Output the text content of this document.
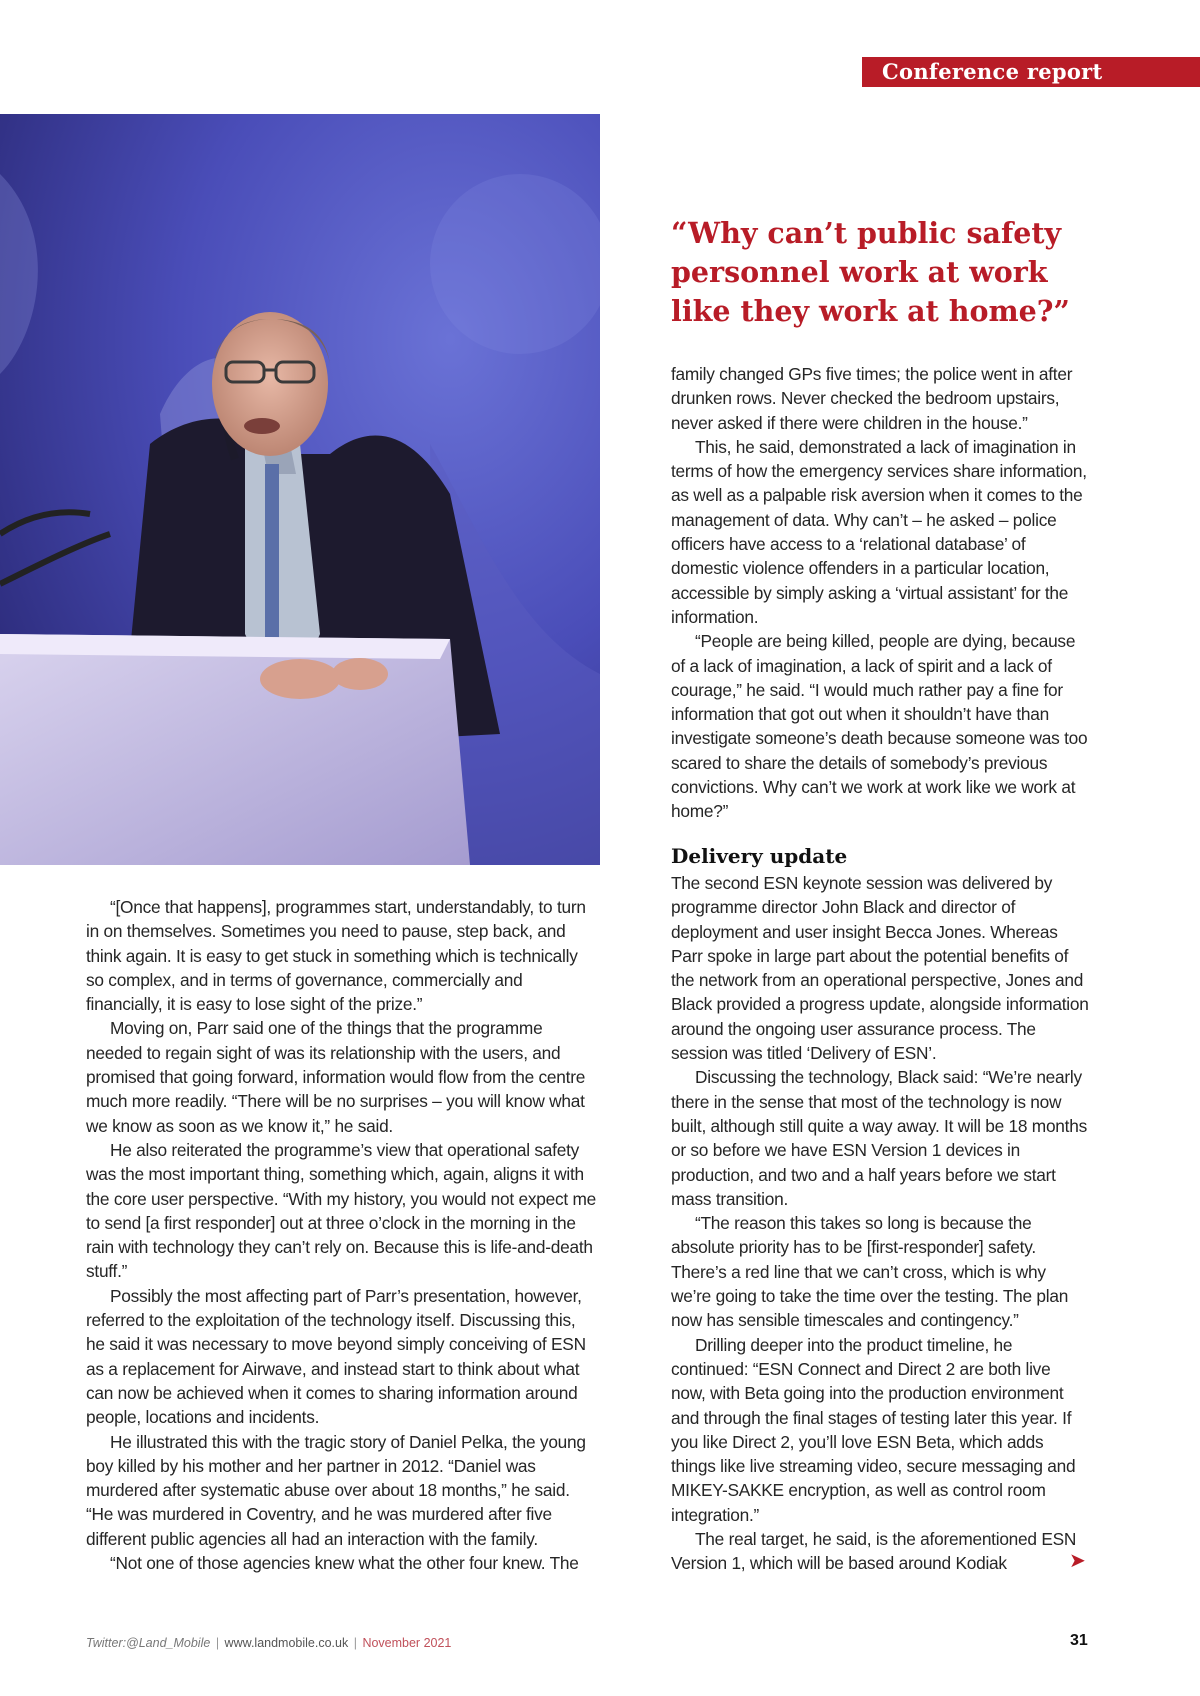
Conference report
“Why can’t public safety personnel work at work like they work at home?”

family changed GPs five times; the police went in after drunken rows. Never checked the bedroom upstairs, never asked if there were children in the house.”

This, he said, demonstrated a lack of imagination in terms of how the emergency services share information, as well as a palpable risk aversion when it comes to the management of data. Why can’t – he asked – police officers have access to a ‘relational database’ of domestic violence offenders in a particular location, accessible by simply asking a ‘virtual assistant’ for the information.

“People are being killed, people are dying, because of a lack of imagination, a lack of spirit and a lack of courage,” he said. “I would much rather pay a fine for information that got out when it shouldn’t have than investigate someone’s death because someone was too scared to share the details of somebody’s previous convictions. Why can’t we work at work like we work at home?”

Delivery update

The second ESN keynote session was delivered by programme director John Black and director of deployment and user insight Becca Jones. Whereas Parr spoke in large part about the potential benefits of the network from an operational perspective, Jones and Black provided a progress update, alongside information around the ongoing user assurance process. The session was titled ‘Delivery of ESN’.

Discussing the technology, Black said: “We’re nearly there in the sense that most of the technology is now built, although still quite a way away. It will be 18 months or so before we have ESN Version 1 devices in production, and two and a half years before we start mass transition.

“The reason this takes so long is because the absolute priority has to be [first-responder] safety. There’s a red line that we can’t cross, which is why we’re going to take the time over the testing. The plan now has sensible timescales and contingency.”

Drilling deeper into the product timeline, he continued: “ESN Connect and Direct 2 are both live now, with Beta going into the production environment and through the final stages of testing later this year. If you like Direct 2, you’ll love ESN Beta, which adds things like live streaming video, secure messaging and MIKEY-SAKKE encryption, as well as control room integration.”

The real target, he said, is the aforementioned ESN Version 1, which will be based around Kodiak

“[Once that happens], programmes start, understandably, to turn in on themselves. Sometimes you need to pause, step back, and think again. It is easy to get stuck in something which is technically so complex, and in terms of governance, commercially and financially, it is easy to lose sight of the prize.”

Moving on, Parr said one of the things that the programme needed to regain sight of was its relationship with the users, and promised that going forward, information would flow from the centre much more readily. “There will be no surprises – you will know what we know as soon as we know it,” he said.

He also reiterated the programme’s view that operational safety was the most important thing, something which, again, aligns it with the core user perspective. “With my history, you would not expect me to send [a first responder] out at three o’clock in the morning in the rain with technology they can’t rely on. Because this is life-and-death stuff.”

Possibly the most affecting part of Parr’s presentation, however, referred to the exploitation of the technology itself. Discussing this, he said it was necessary to move beyond simply conceiving of ESN as a replacement for Airwave, and instead start to think about what can now be achieved when it comes to sharing information around people, locations and incidents.

He illustrated this with the tragic story of Daniel Pelka, the young boy killed by his mother and her partner in 2012. “Daniel was murdered after systematic abuse over about 18 months,” he said. “He was murdered in Coventry, and he was murdered after five different public agencies all had an interaction with the family.

“Not one of those agencies knew what the other four knew. The	➤
Twitter:@Land_Mobile | www.landmobile.co.uk | November 2021	31
